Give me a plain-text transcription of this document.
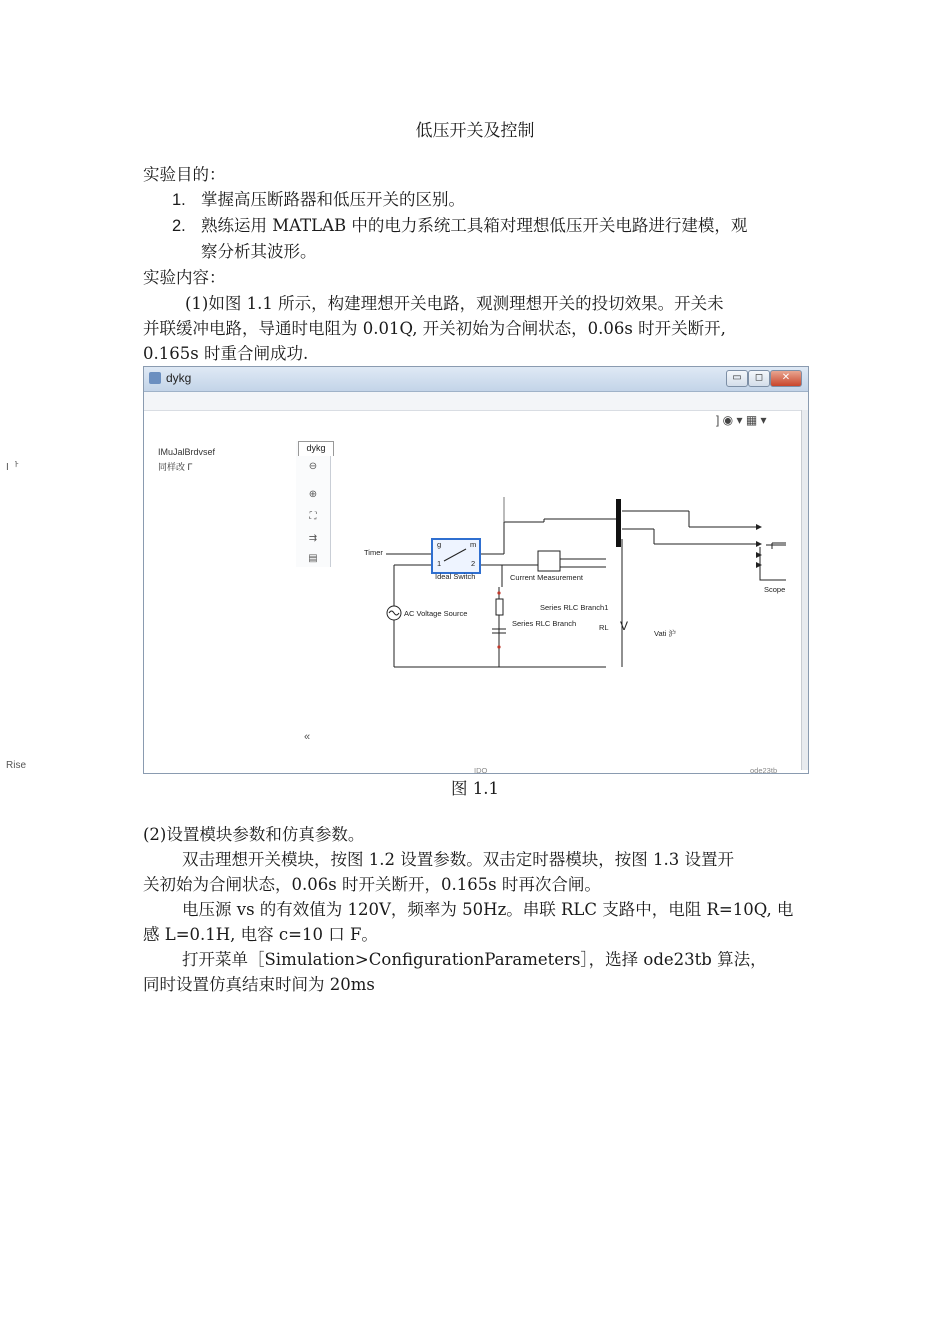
低压开关及控制
实验目的：
1. 掌握高压断路器和低压开关的区别。
2. 熟练运用 MATLAB 中的电力系统工具箱对理想低压开关电路进行建模，观
察分析其波形。
实验内容：
(1)如图 1.1 所示，构建理想开关电路，观测理想开关的投切效果。开关未
并联缓冲电路，导通时电阻为 0.01Q, 开关初始为合闸状态，0.06s 时开关断开,
0.165s 时重合闸成功.
Iᅡ
Rise
dykg	▭	◻	✕
] ◉ ▾ ▦ ▾
IMuJalBrdvsef
同样改 Γ
dykg
⊖
⊕
⛶
⇉
▤
«
Timer
g	m
1	2
Ideal Switch	Current Measurement
AC Voltage Source
Series RLC Branch1
Series RLC Branch	RL V
Vati 沪
Scope
IDO	ode23tb
图 1.1
(2)设置模块参数和仿真参数。
双击理想开关模块，按图 1.2 设置参数。双击定时器模块，按图 1.3 设置开
关初始为合闸状态，0.06s 时开关断开，0.165s 时再次合闸。
电压源 vs 的有效值为 120V，频率为 50Hz。串联 RLC 支路中，电阻 R=10Q, 电
感 L=0.1H, 电容 c=10 口 F。
打开菜单［Simulation>ConfigurationParameters］，选择 ode23tb 算法，
同时设置仿真结束时间为 20ms
